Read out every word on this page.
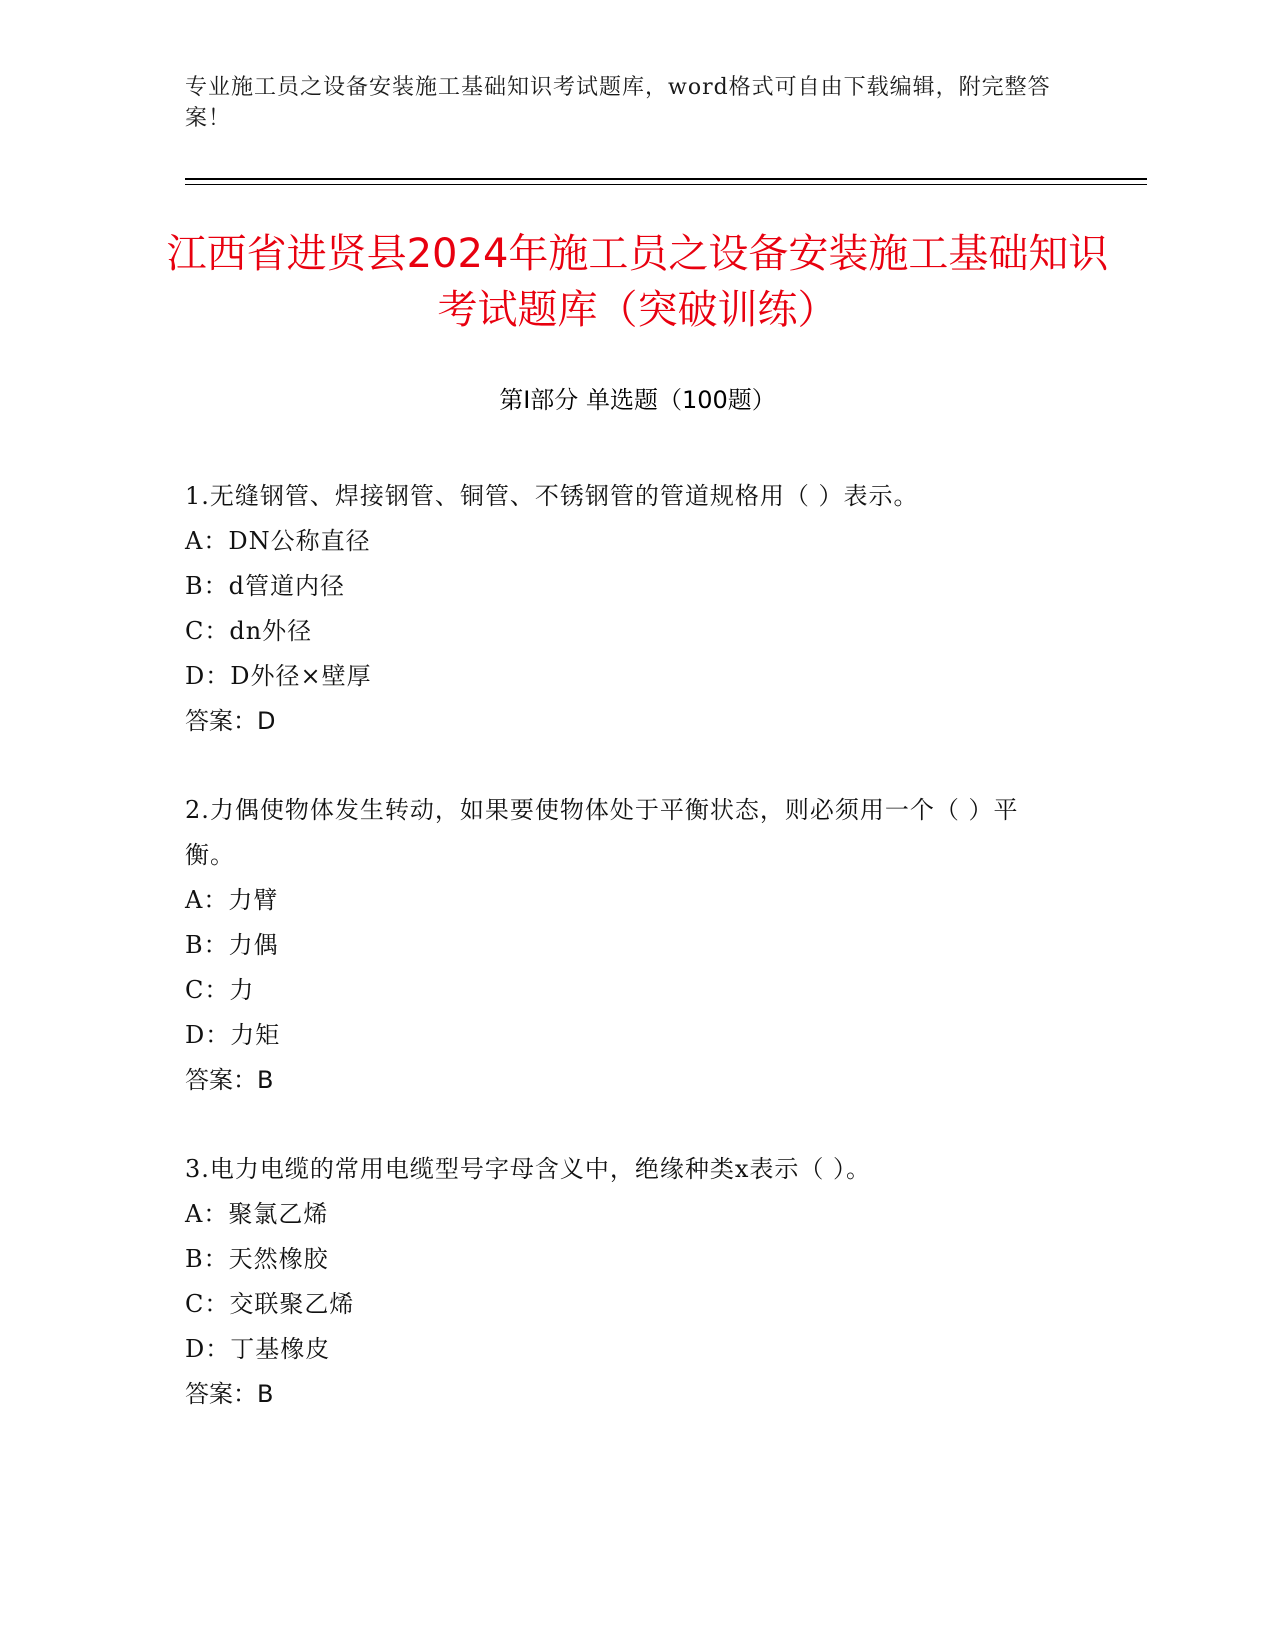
专业施工员之设备安装施工基础知识考试题库，word格式可自由下载编辑，附完整答案！
江西省进贤县2024年施工员之设备安装施工基础知识考试题库（突破训练）
第Ⅰ部分 单选题（100题）
1.无缝钢管、焊接钢管、铜管、不锈钢管的管道规格用（ ）表示。
A：DN公称直径
B：d管道内径
C：dn外径
D：D外径×壁厚
答案：D
2.力偶使物体发生转动，如果要使物体处于平衡状态，则必须用一个（ ）平衡。
A：力臂
B：力偶
C：力
D：力矩
答案：B
3.电力电缆的常用电缆型号字母含义中，绝缘种类x表示（ ）。
A：聚氯乙烯
B：天然橡胶
C：交联聚乙烯
D：丁基橡皮
答案：B
